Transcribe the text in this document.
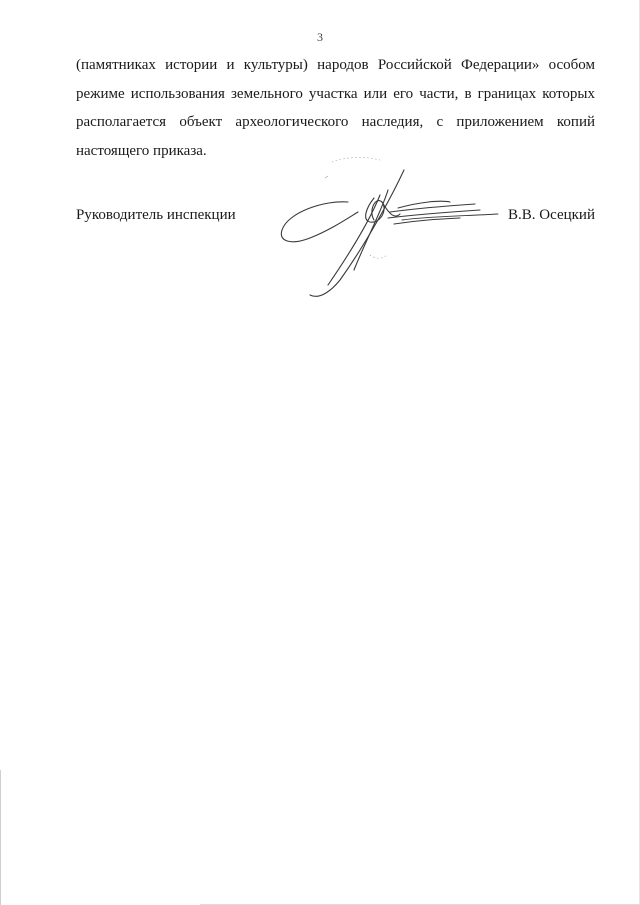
3

(памятниках истории и культуры) народов Российской Федерации» особом режиме использования земельного участка или его части, в границах которых располагается объект археологического наследия, с приложением копий настоящего приказа.

Руководитель инспекции	В.В. Осецкий
